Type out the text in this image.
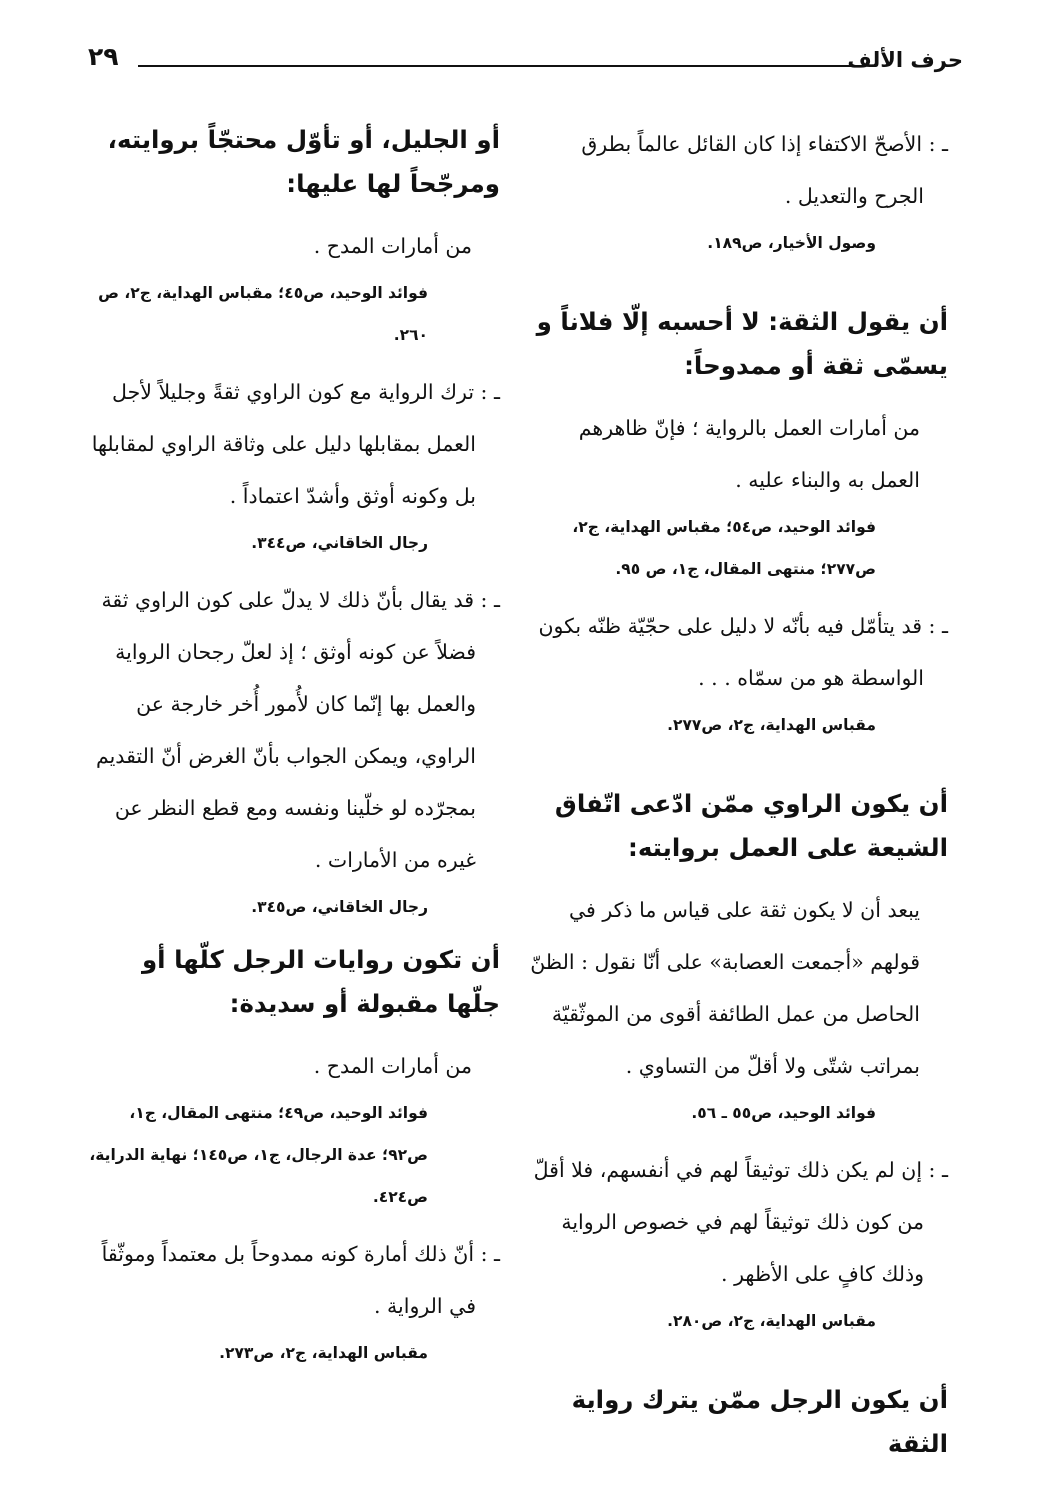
حرف الألف
٢٩

ـ : الأصحّ الاكتفاء إذا كان القائل عالماً بطرق الجرح والتعديل .

وصول الأخيار، ص١٨٩.

أن يقول الثقة: لا أحسبه إلّا فلاناً و يسمّى ثقة أو ممدوحاً:

من أمارات العمل بالرواية ؛ فإنّ ظاهرهم العمل به والبناء عليه .

فوائد الوحيد، ص٥٤؛ مقباس الهداية، ج٢، ص٢٧٧؛ منتهى المقال، ج١، ص ٩٥.

ـ : قد يتأمّل فيه بأنّه لا دليل على حجّيّة ظنّه بكون الواسطة هو من سمّاه . . .

مقباس الهداية، ج٢، ص٢٧٧.

أن يكون الراوي ممّن ادّعى اتّفاق الشيعة على العمل بروايته:

يبعد أن لا يكون ثقة على قياس ما ذكر في قولهم «أجمعت العصابة» على أنّا نقول : الظنّ الحاصل من عمل الطائفة أقوى من الموثّقيّة بمراتب شتّى ولا أقلّ من التساوي .

فوائد الوحيد، ص٥٥ ـ ٥٦.

ـ : إن لم يكن ذلك توثيقاً لهم في أنفسهم، فلا أقلّ من كون ذلك توثيقاً لهم في خصوص الرواية وذلك كافٍ على الأظهر .

مقباس الهداية، ج٢، ص٢٨٠.

أن يكون الرجل ممّن يترك رواية الثقة
أو الجليل، أو تأوّل محتجّاً بروايته، ومرجّحاً لها عليها:

من أمارات المدح .

فوائد الوحيد، ص٤٥؛ مقباس الهداية، ج٢، ص ٢٦٠.

ـ : ترك الرواية مع كون الراوي ثقةً وجليلاً لأجل العمل بمقابلها دليل على وثاقة الراوي لمقابلها بل وكونه أوثق وأشدّ اعتماداً .

رجال الخاقاني، ص٣٤٤.

ـ : قد يقال بأنّ ذلك لا يدلّ على كون الراوي ثقة فضلاً عن كونه أوثق ؛ إذ لعلّ رجحان الرواية والعمل بها إنّما كان لأُمور أُخر خارجة عن الراوي، ويمكن الجواب بأنّ الغرض أنّ التقديم بمجرّده لو خلّينا ونفسه ومع قطع النظر عن غيره من الأمارات .

رجال الخاقاني، ص٣٤٥.

أن تكون روايات الرجل كلّها أو جلّها مقبولة أو سديدة:

من أمارات المدح .

فوائد الوحيد، ص٤٩؛ منتهى المقال، ج١، ص٩٢؛ عدة الرجال، ج١، ص١٤٥؛ نهاية الدراية، ص٤٢٤.

ـ : أنّ ذلك أمارة كونه ممدوحاً بل معتمداً وموثّقاً في الرواية .

مقباس الهداية، ج٢، ص٢٧٣.
